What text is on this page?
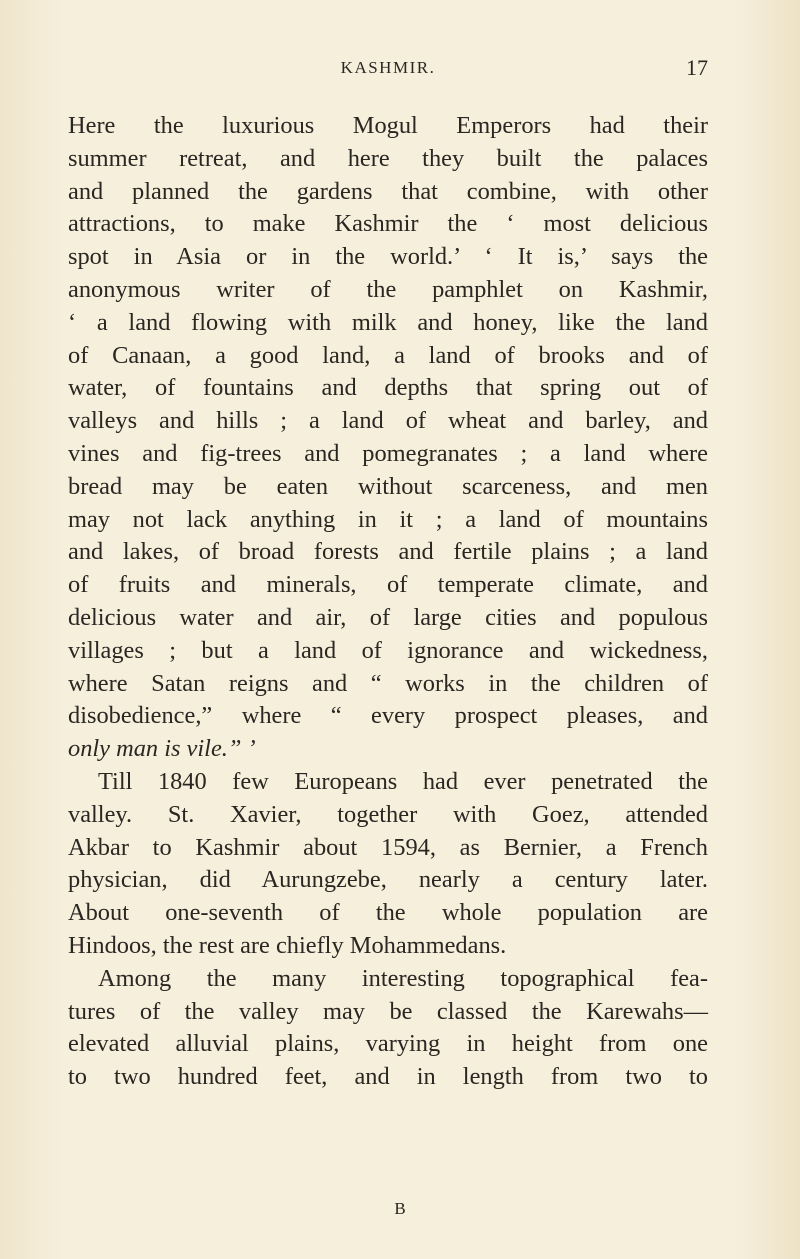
KASHMIR.	17
Here the luxurious Mogul Emperors had their
summer retreat, and here they built the palaces
and planned the gardens that combine, with other
attractions, to make Kashmir the ‘ most delicious
spot in Asia or in the world.’ ‘ It is,’ says the
anonymous writer of the pamphlet on Kashmir,
‘ a land flowing with milk and honey, like the land
of Canaan, a good land, a land of brooks and of
water, of fountains and depths that spring out of
valleys and hills ; a land of wheat and barley, and
vines and fig-trees and pomegranates ; a land where
bread may be eaten without scarceness, and men
may not lack anything in it ; a land of mountains
and lakes, of broad forests and fertile plains ; a land
of fruits and minerals, of temperate climate, and
delicious water and air, of large cities and populous
villages ; but a land of ignorance and wickedness,
where Satan reigns and “ works in the children of
disobedience,” where “ every prospect pleases, and
only man is vile.” ’
Till 1840 few Europeans had ever penetrated the
valley. St. Xavier, together with Goez, attended
Akbar to Kashmir about 1594, as Bernier, a French
physician, did Aurungzebe, nearly a century later.
About one-seventh of the whole population are
Hindoos, the rest are chiefly Mohammedans.
Among the many interesting topographical fea-
tures of the valley may be classed the Karewahs—
elevated alluvial plains, varying in height from one
to two hundred feet, and in length from two to
B
